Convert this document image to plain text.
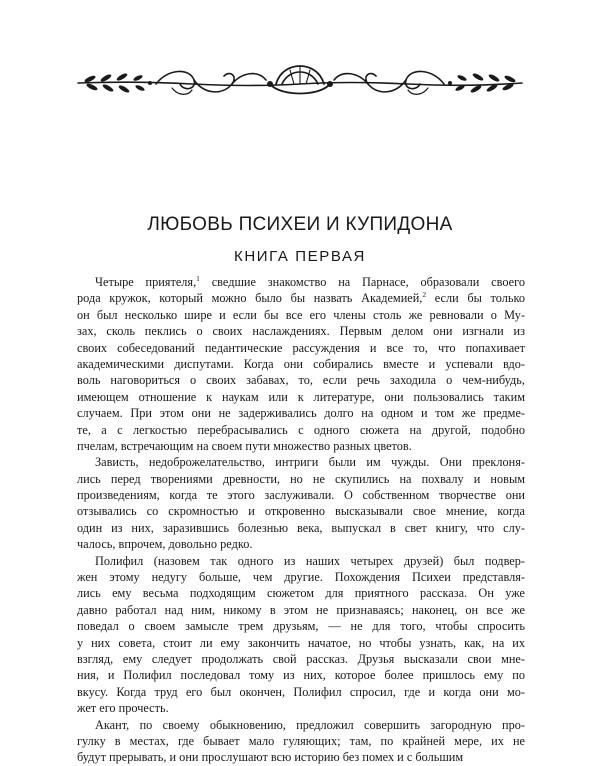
ЛЮБОВЬ ПСИХЕИ И КУПИДОНА
КНИГА ПЕРВАЯ
Четыре приятеля,$^1$ сведшие знакомство на Парнасе, образовали своего
рода кружок, который можно было бы назвать Академией,$^2$ если бы только
он был несколько шире и если бы все его члены столь же ревновали о Му-
зах, сколь пеклись о своих наслаждениях. Первым делом они изгнали из
своих собеседований педантические рассуждения и все то, что попахивает
академическими диспутами. Когда они собирались вместе и успевали вдо-
воль наговориться о своих забавах, то, если речь заходила о чем-нибудь,
имеющем отношение к наукам или к литературе, они пользовались таким
случаем. При этом они не задерживались долго на одном и том же предме-
те, а с легкостью перебрасывались с одного сюжета на другой, подобно
пчелам, встречающим на своем пути множество разных цветов.
Зависть, недоброжелательство, интриги были им чужды. Они преклоня-
лись перед творениями древности, но не скупились на похвалу и новым
произведениям, когда те этого заслуживали. О собственном творчестве они
отзывались со скромностью и откровенно высказывали свое мнение, когда
один из них, заразившись болезнью века, выпускал в свет книгу, что слу-
чалось, впрочем, довольно редко.
Полифил (назовем так одного из наших четырех друзей) был подвер-
жен этому недугу больше, чем другие. Похождения Психеи представля-
лись ему весьма подходящим сюжетом для приятного рассказа. Он уже
давно работал над ним, никому в этом не признаваясь; наконец, он все же
поведал о своем замысле трем друзьям, — не для того, чтобы спросить
у них совета, стоит ли ему закончить начатое, но чтобы узнать, как, на их
взгляд, ему следует продолжать свой рассказ. Друзья высказали свои мне-
ния, и Полифил последовал тому из них, которое более пришлось ему по
вкусу. Когда труд его был окончен, Полифил спросил, где и когда они мо-
жет его прочесть.
Акант, по своему обыкновению, предложил совершить загородную про-
гулку в местах, где бывает мало гуляющих; там, по крайней мере, их не
будут прерывать, и они прослушают всю историю без помех и с большим
